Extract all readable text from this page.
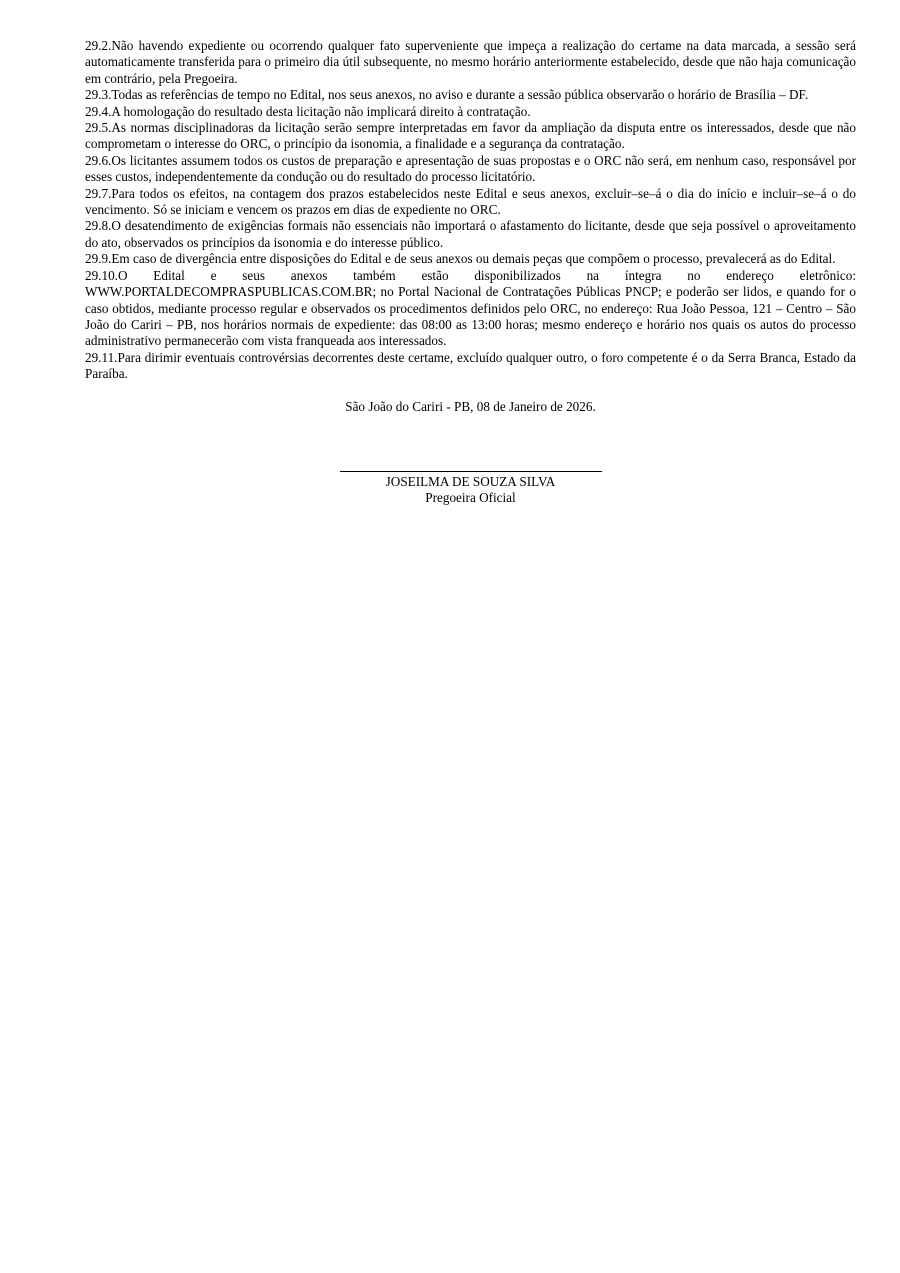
29.2.Não havendo expediente ou ocorrendo qualquer fato superveniente que impeça a realização do certame na data marcada, a sessão será automaticamente transferida para o primeiro dia útil subsequente, no mesmo horário anteriormente estabelecido, desde que não haja comunicação em contrário, pela Pregoeira.

29.3.Todas as referências de tempo no Edital, nos seus anexos, no aviso e durante a sessão pública observarão o horário de Brasília – DF.

29.4.A homologação do resultado desta licitação não implicará direito à contratação.

29.5.As normas disciplinadoras da licitação serão sempre interpretadas em favor da ampliação da disputa entre os interessados, desde que não comprometam o interesse do ORC, o princípio da isonomia, a finalidade e a segurança da contratação.

29.6.Os licitantes assumem todos os custos de preparação e apresentação de suas propostas e o ORC não será, em nenhum caso, responsável por esses custos, independentemente da condução ou do resultado do processo licitatório.

29.7.Para todos os efeitos, na contagem dos prazos estabelecidos neste Edital e seus anexos, excluir–se–á o dia do início e incluir–se–á o do vencimento. Só se iniciam e vencem os prazos em dias de expediente no ORC.

29.8.O desatendimento de exigências formais não essenciais não importará o afastamento do licitante, desde que seja possível o aproveitamento do ato, observados os princípios da isonomia e do interesse público.

29.9.Em caso de divergência entre disposições do Edital e de seus anexos ou demais peças que compõem o processo, prevalecerá as do Edital.

29.10.O Edital e seus anexos também estão disponibilizados na íntegra no endereço eletrônico: WWW.PORTALDECOMPRASPUBLICAS.COM.BR; no Portal Nacional de Contratações Públicas PNCP; e poderão ser lidos, e quando for o caso obtidos, mediante processo regular e observados os procedimentos definidos pelo ORC, no endereço: Rua João Pessoa, 121 – Centro – São João do Cariri – PB, nos horários normais de expediente: das 08:00 as 13:00 horas; mesmo endereço e horário nos quais os autos do processo administrativo permanecerão com vista franqueada aos interessados.

29.11.Para dirimir eventuais controvérsias decorrentes deste certame, excluído qualquer outro, o foro competente é o da Serra Branca, Estado da Paraíba.

São João do Cariri - PB, 08 de Janeiro de 2026.

JOSEILMA DE SOUZA SILVA
Pregoeira Oficial
